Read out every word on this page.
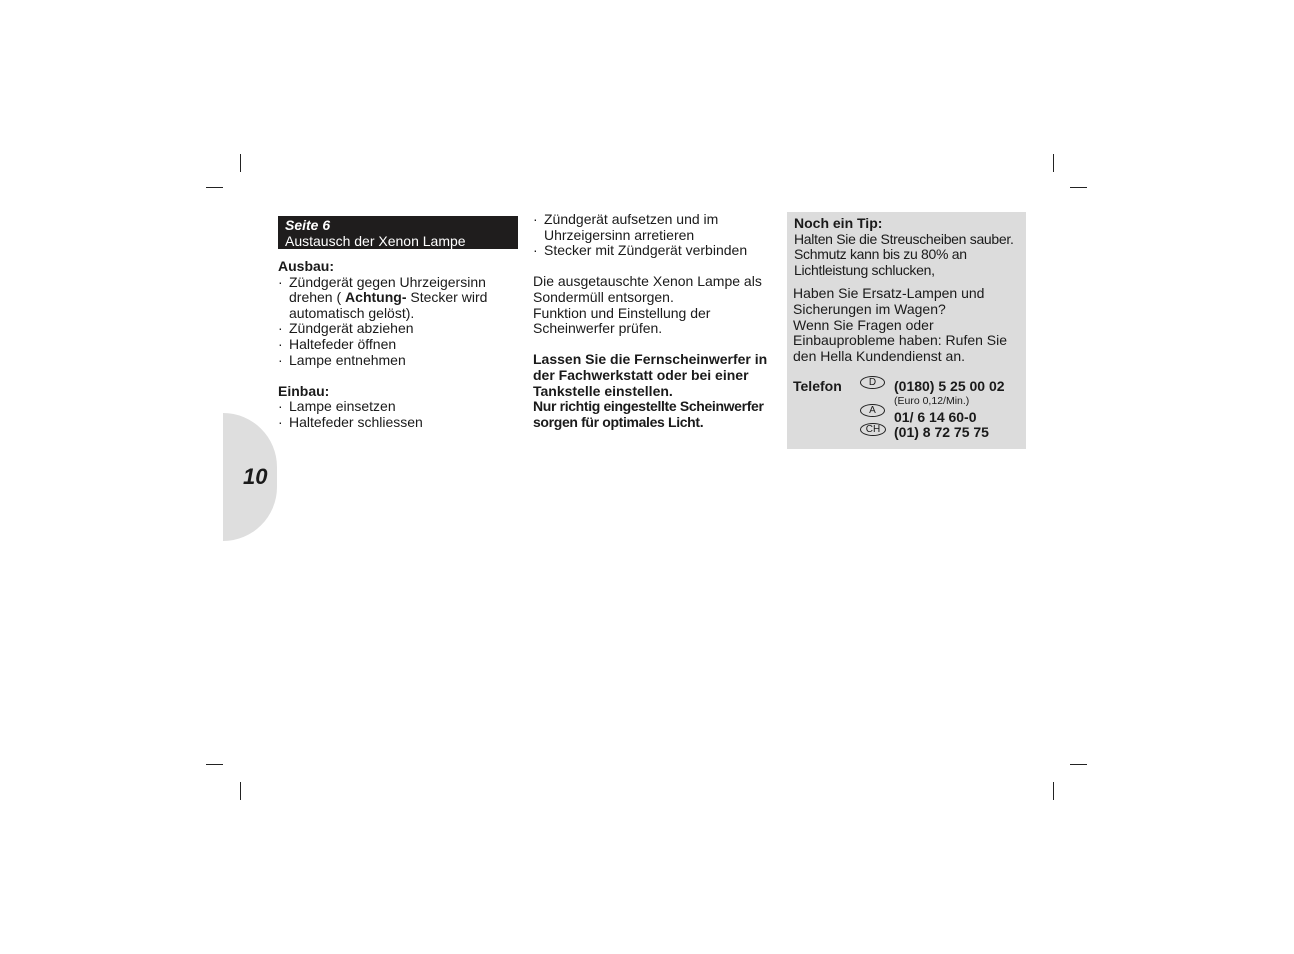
10
Seite 6
Austausch der Xenon Lampe
Ausbau:
· Zündgerät gegen Uhrzeigersinn drehen ( Achtung- Stecker wird automatisch gelöst).
· Zündgerät abziehen
· Haltefeder öffnen
· Lampe entnehmen
Einbau:
· Lampe einsetzen
· Haltefeder schliessen
· Zündgerät aufsetzen und im Uhrzeigersinn arretieren
· Stecker mit Zündgerät verbinden

Die ausgetauschte Xenon Lampe als Sondermüll entsorgen.

Funktion und Einstellung der Scheinwerfer prüfen.

Lassen Sie die Fernscheinwerfer in der Fachwerkstatt oder bei einer Tankstelle einstellen.

Nur richtig eingestellte Scheinwerfer sorgen für optimales Licht.

Noch ein Tip:

Halten Sie die Streuscheiben sauber. Schmutz kann bis zu 80% an Lichtleistung schlucken,

Haben Sie Ersatz-Lampen und Sicherungen im Wagen?

Wenn Sie Fragen oder Einbauprobleme haben: Rufen Sie den Hella Kundendienst an.

Telefon	D	(0180) 5 25 00 02
(Euro 0,12/Min.)
A	01/ 6 14 60-0
CH (01) 8 72 75 75
